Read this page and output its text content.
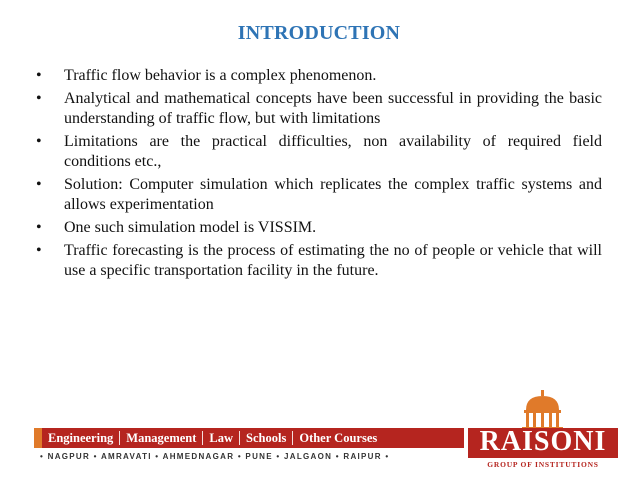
INTRODUCTION
• Traffic flow behavior is a complex phenomenon.
• Analytical and mathematical concepts have been successful in providing the basic understanding of traffic flow, but with limitations
• Limitations are the practical difficulties, non availability of required field conditions etc.,
• Solution: Computer simulation which replicates the complex traffic systems and allows experimentation
• One such simulation model is VISSIM.
• Traffic forecasting is the process of estimating the no of people or vehicle that will use a specific transportation facility in the future.
Engineering	Management	Law	Schools	Other Courses
• NAGPUR • AMRAVATI • AHMEDNAGAR • PUNE • JALGAON • RAIPUR •	RAISONI
GROUP OF INSTITUTIONS
